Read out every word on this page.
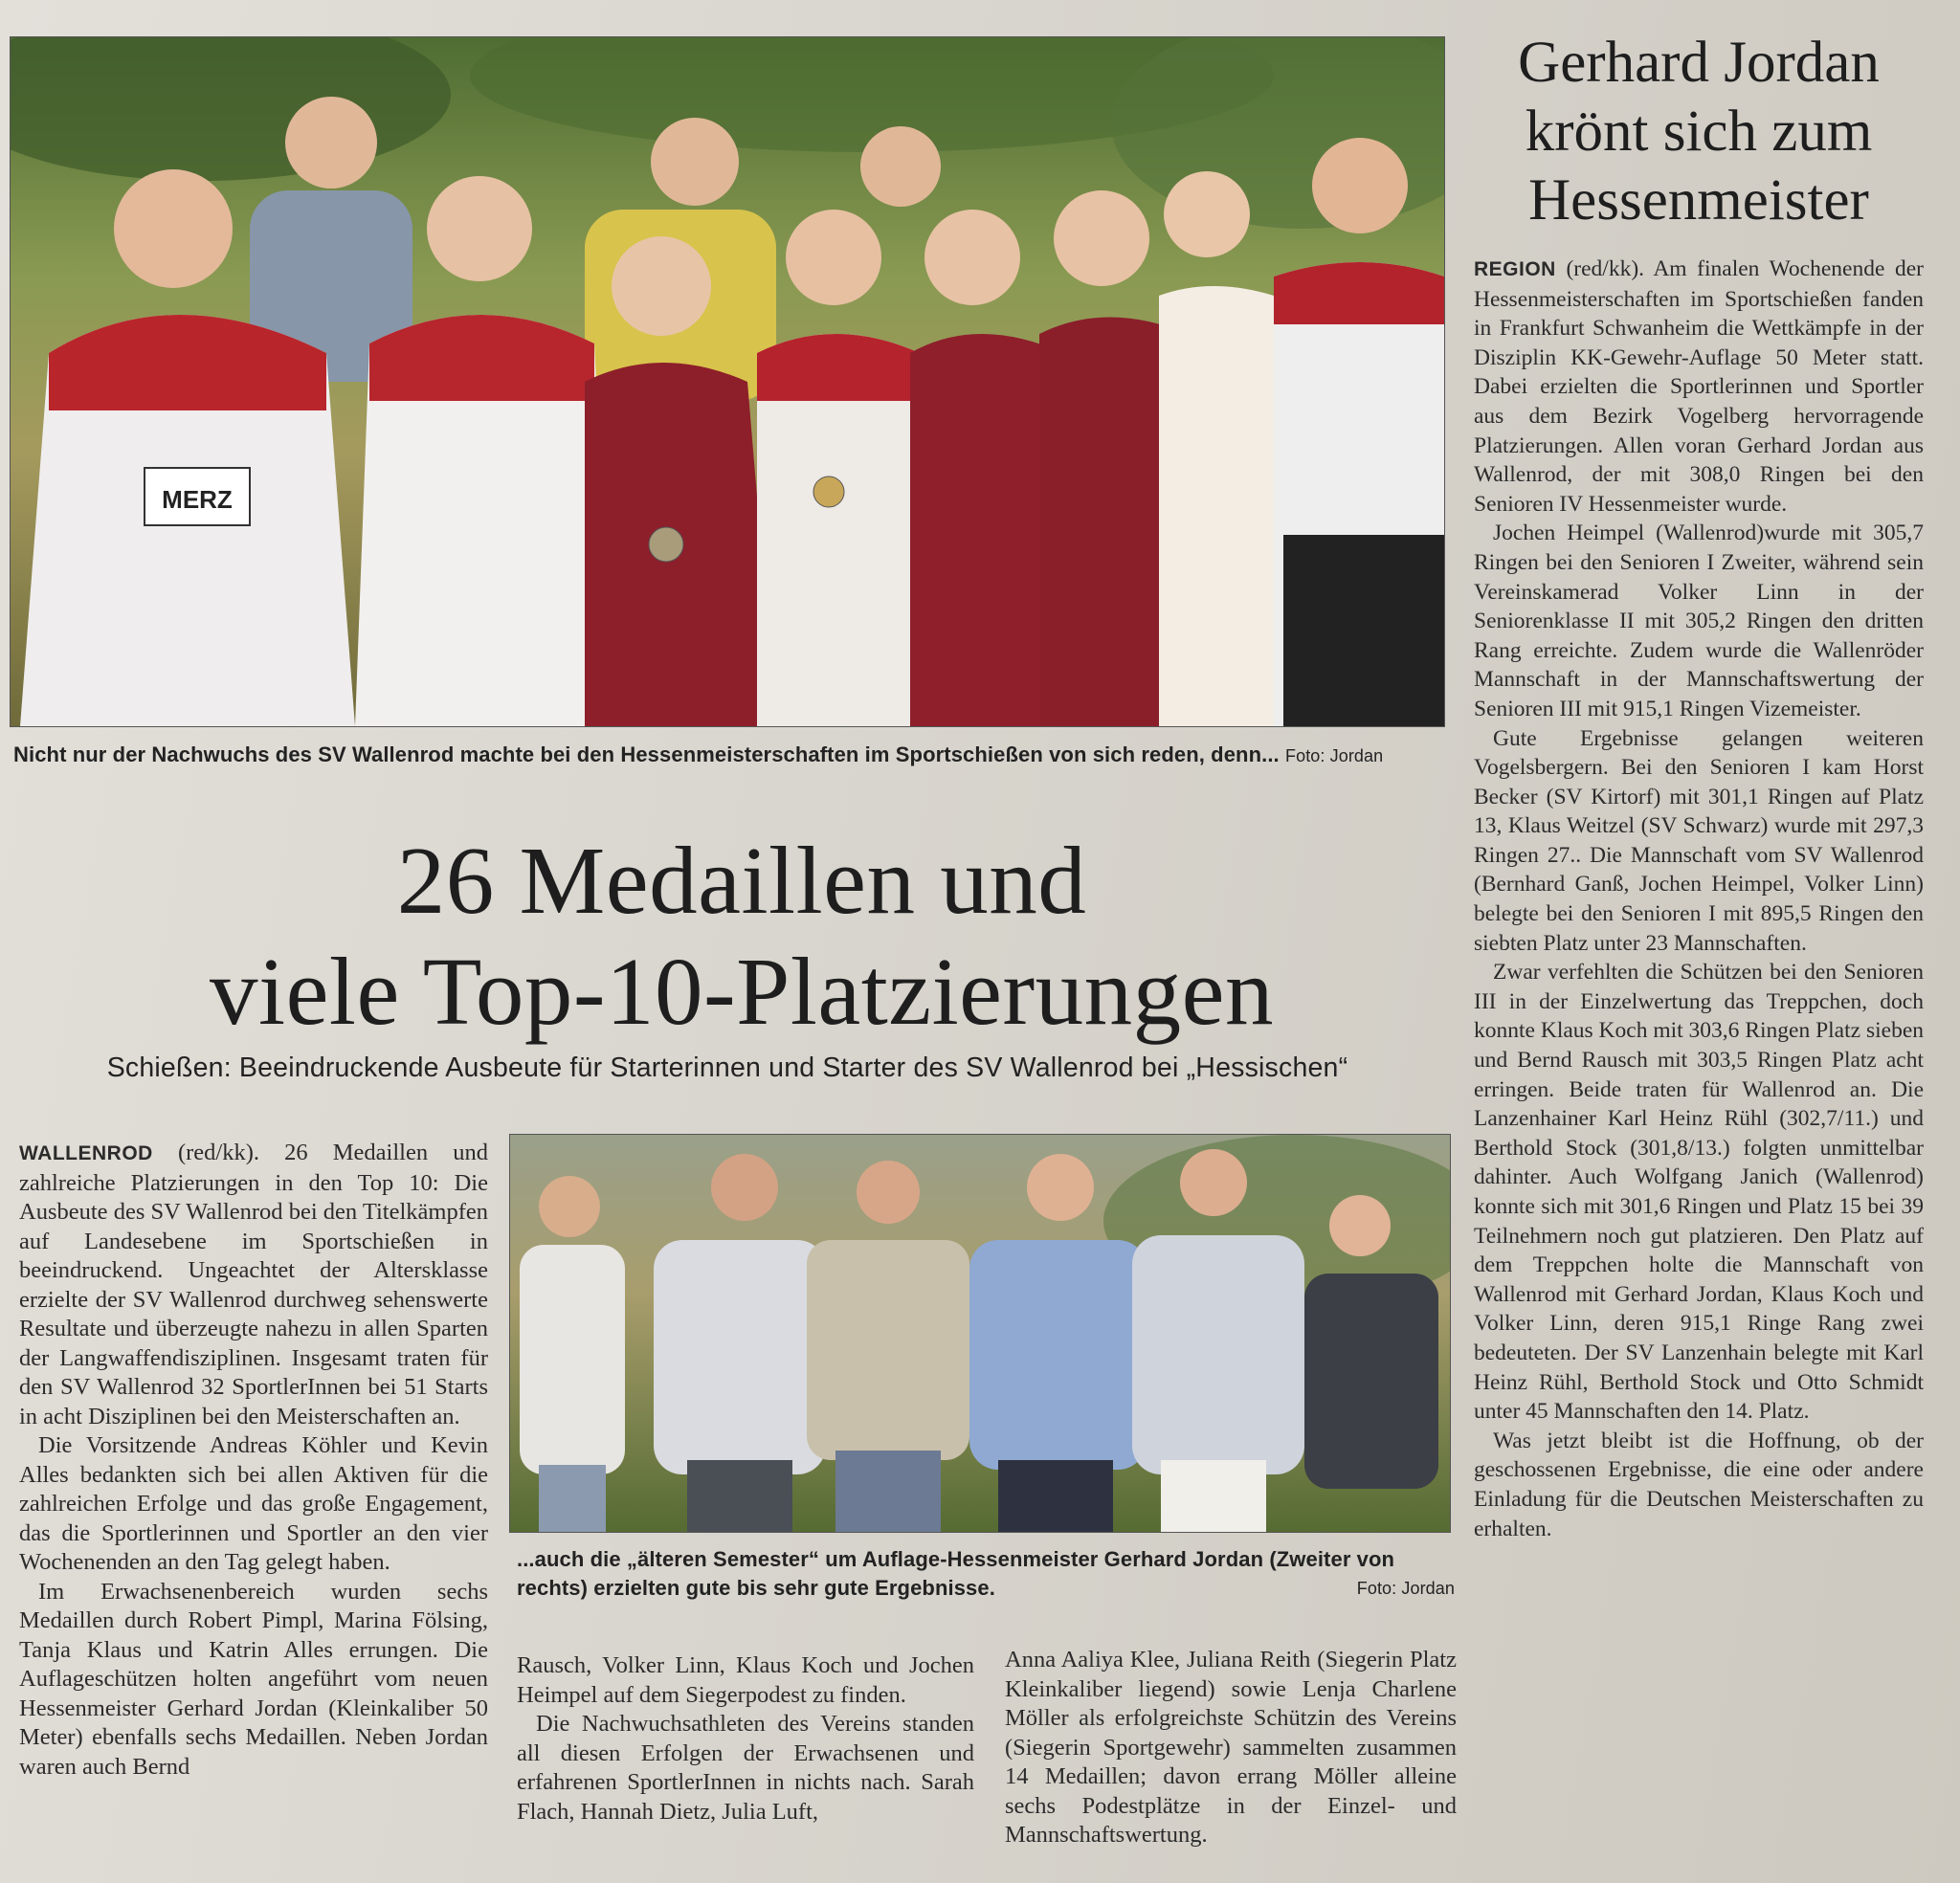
MERZ
Nicht nur der Nachwuchs des SV Wallenrod machte bei den Hessenmeisterschaften im Sportschießen von sich reden, denn... Foto: Jordan
26 Medaillen und
viele Top-10-Platzierungen
Schießen: Beeindruckende Ausbeute für Starterinnen und Starter des SV Wallenrod bei „Hessischen“

WALLENROD (red/kk). 26 Medaillen und zahlreiche Platzierungen in den Top 10: Die Ausbeute des SV Wallenrod bei den Titelkämpfen auf Landesebene im Sportschießen in beeindruckend. Ungeachtet der Altersklasse erzielte der SV Wallenrod durchweg sehenswerte Resultate und überzeugte nahezu in allen Sparten der Langwaffendisziplinen. Insgesamt traten für den SV Wallenrod 32 SportlerInnen bei 51 Starts in acht Disziplinen bei den Meisterschaften an.

Die Vorsitzende Andreas Köhler und Kevin Alles bedankten sich bei allen Aktiven für die zahlreichen Erfolge und das große Engagement, das die Sportlerinnen und Sportler an den vier Wochenenden an den Tag gelegt haben.

Im Erwachsenenbereich wurden sechs Medaillen durch Robert Pimpl, Marina Fölsing, Tanja Klaus und Katrin Alles errungen. Die Auflageschützen holten angeführt vom neuen Hessenmeister Gerhard Jordan (Kleinkaliber 50 Meter) ebenfalls sechs Medaillen. Neben Jordan waren auch Bernd

...auch die „älteren Semester“ um Auflage-Hessenmeister Gerhard Jordan (Zweiter von rechts) erzielten gute bis sehr gute Ergebnisse.	Foto: Jordan

Rausch, Volker Linn, Klaus Koch und Jochen Heimpel auf dem Siegerpodest zu finden.

Die Nachwuchsathleten des Vereins standen all diesen Erfolgen der Erwachsenen und erfahrenen SportlerInnen in nichts nach. Sarah Flach, Hannah Dietz, Julia Luft,

Anna Aaliya Klee, Juliana Reith (Siegerin Platz Kleinkaliber liegend) sowie Lenja Charlene Möller als erfolgreichste Schützin des Vereins (Siegerin Sportgewehr) sammelten zusammen 14 Medaillen; davon errang Möller alleine sechs Podestplätze in der Einzel- und Mannschaftswertung.

Gerhard Jordan
krönt sich zum
Hessenmeister

REGION (red/kk). Am finalen Wochenende der Hessenmeisterschaften im Sportschießen fanden in Frankfurt Schwanheim die Wettkämpfe in der Disziplin KK-Gewehr-Auflage 50 Meter statt. Dabei erzielten die Sportlerinnen und Sportler aus dem Bezirk Vogelberg hervorragende Platzierungen. Allen voran Gerhard Jordan aus Wallenrod, der mit 308,0 Ringen bei den Senioren IV Hessenmeister wurde.

Jochen Heimpel (Wallenrod)wurde mit 305,7 Ringen bei den Senioren I Zweiter, während sein Vereinskamerad Volker Linn in der Seniorenklasse II mit 305,2 Ringen den dritten Rang erreichte. Zudem wurde die Wallenröder Mannschaft in der Mannschaftswertung der Senioren III mit 915,1 Ringen Vizemeister.

Gute Ergebnisse gelangen weiteren Vogelsbergern. Bei den Senioren I kam Horst Becker (SV Kirtorf) mit 301,1 Ringen auf Platz 13, Klaus Weitzel (SV Schwarz) wurde mit 297,3 Ringen 27.. Die Mannschaft vom SV Wallenrod (Bernhard Ganß, Jochen Heimpel, Volker Linn) belegte bei den Senioren I mit 895,5 Ringen den siebten Platz unter 23 Mannschaften.

Zwar verfehlten die Schützen bei den Senioren III in der Einzelwertung das Treppchen, doch konnte Klaus Koch mit 303,6 Ringen Platz sieben und Bernd Rausch mit 303,5 Ringen Platz acht erringen. Beide traten für Wallenrod an. Die Lanzenhainer Karl Heinz Rühl (302,7/11.) und Berthold Stock (301,8/13.) folgten unmittelbar dahinter. Auch Wolfgang Janich (Wallenrod) konnte sich mit 301,6 Ringen und Platz 15 bei 39 Teilnehmern noch gut platzieren. Den Platz auf dem Treppchen holte die Mannschaft von Wallenrod mit Gerhard Jordan, Klaus Koch und Volker Linn, deren 915,1 Ringe Rang zwei bedeuteten. Der SV Lanzenhain belegte mit Karl Heinz Rühl, Berthold Stock und Otto Schmidt unter 45 Mannschaften den 14. Platz.

Was jetzt bleibt ist die Hoffnung, ob der geschossenen Ergebnisse, die eine oder andere Einladung für die Deutschen Meisterschaften zu erhalten.
